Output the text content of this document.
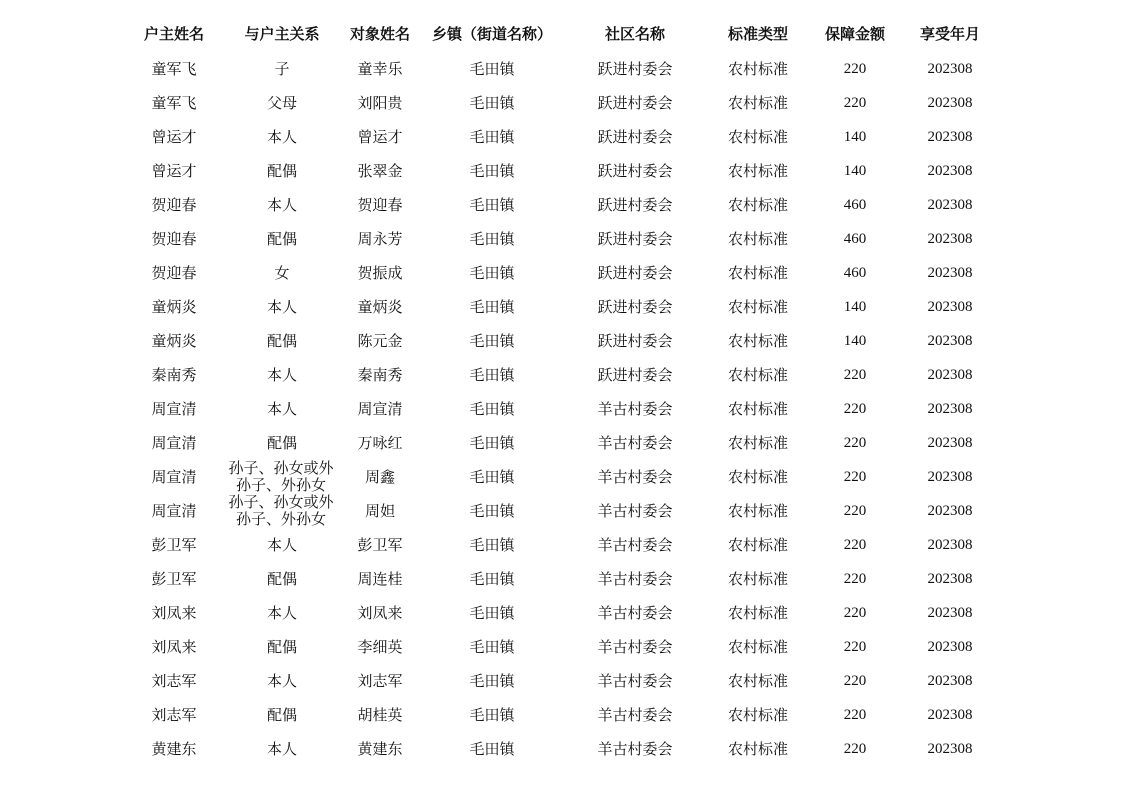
户主姓名	与户主关系	对象姓名	乡镇（街道名称）	社区名称	标准类型	保障金额	享受年月
童军飞	子	童幸乐	毛田镇	跃进村委会	农村标准	220	202308
童军飞	父母	刘阳贵	毛田镇	跃进村委会	农村标准	220	202308
曾运才	本人	曾运才	毛田镇	跃进村委会	农村标准	140	202308
曾运才	配偶	张翠金	毛田镇	跃进村委会	农村标准	140	202308
贺迎春	本人	贺迎春	毛田镇	跃进村委会	农村标准	460	202308
贺迎春	配偶	周永芳	毛田镇	跃进村委会	农村标准	460	202308
贺迎春	女	贺振成	毛田镇	跃进村委会	农村标准	460	202308
童炳炎	本人	童炳炎	毛田镇	跃进村委会	农村标准	140	202308
童炳炎	配偶	陈元金	毛田镇	跃进村委会	农村标准	140	202308
秦南秀	本人	秦南秀	毛田镇	跃进村委会	农村标准	220	202308
周宣清	本人	周宣清	毛田镇	羊古村委会	农村标准	220	202308
周宣清	配偶	万咏红	毛田镇	羊古村委会	农村标准	220	202308
周宣清	孙子、孙女或外孙子、外孙女	周鑫	毛田镇	羊古村委会	农村标准	220	202308
周宣清	孙子、孙女或外孙子、外孙女	周妲	毛田镇	羊古村委会	农村标准	220	202308
彭卫军	本人	彭卫军	毛田镇	羊古村委会	农村标准	220	202308
彭卫军	配偶	周连桂	毛田镇	羊古村委会	农村标准	220	202308
刘凤来	本人	刘凤来	毛田镇	羊古村委会	农村标准	220	202308
刘凤来	配偶	李细英	毛田镇	羊古村委会	农村标准	220	202308
刘志军	本人	刘志军	毛田镇	羊古村委会	农村标准	220	202308
刘志军	配偶	胡桂英	毛田镇	羊古村委会	农村标准	220	202308
黄建东	本人	黄建东	毛田镇	羊古村委会	农村标准	220	202308
